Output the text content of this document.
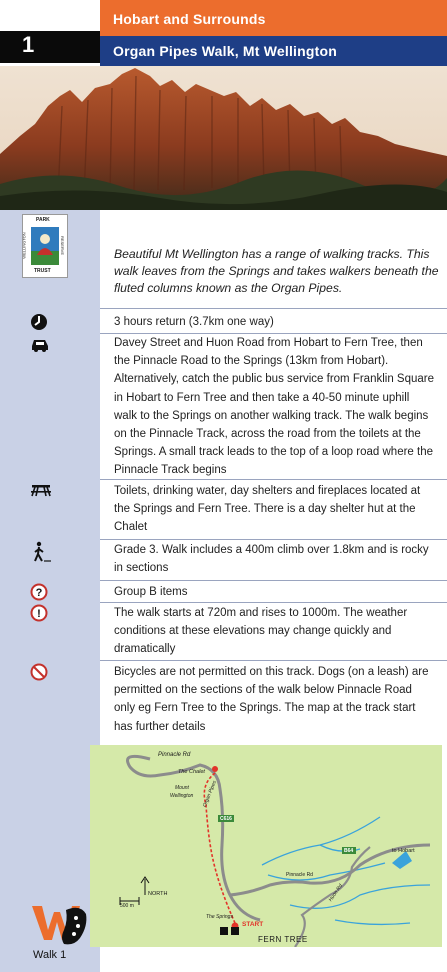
1
Hobart and Surrounds
Organ Pipes Walk, Mt Wellington
PARK
TRUST
WELLINGTON	RESERVE	Beautiful Mt Wellington has a range of walking tracks. This walk leaves from the Springs and takes walkers beneath the fluted columns known as the Organ Pipes.
3 hours return (3.7km one way)
Davey Street and Huon Road from Hobart to Fern Tree, then the Pinnacle Road to the Springs (13km from Hobart). Alternatively, catch the public bus service from Franklin Square in Hobart to Fern Tree and then take a 40-50 minute uphill walk to the Springs on another walking track. The walk begins on the Pinnacle Track, across the road from the toilets at the Springs. A small track leads to the top of a loop road where the Pinnacle Track begins
Toilets, drinking water, day shelters and fireplaces located at the Springs and Fern Tree. There is a day shelter hut at the Chalet
Grade 3. Walk includes a 400m climb over 1.8km and is rocky in sections
?	Group B items
!	The walk starts at 720m and rises to 1000m. The weather conditions at these elevations may change quickly and dramatically
Bicycles are not permitted on this track. Dogs (on a leash) are permitted on the sections of the walk below Pinnacle Road only eg Fern Tree to the Springs. The map at the track start has further details
Pinnacle Rd
The Chalet
Mount
Wellington Organ Pipes
C616
B64	to Hobart
Pinnacle Rd
Huon Rd
The Springs
START
NORTH
500 m
FERN TREE
Walk 1
